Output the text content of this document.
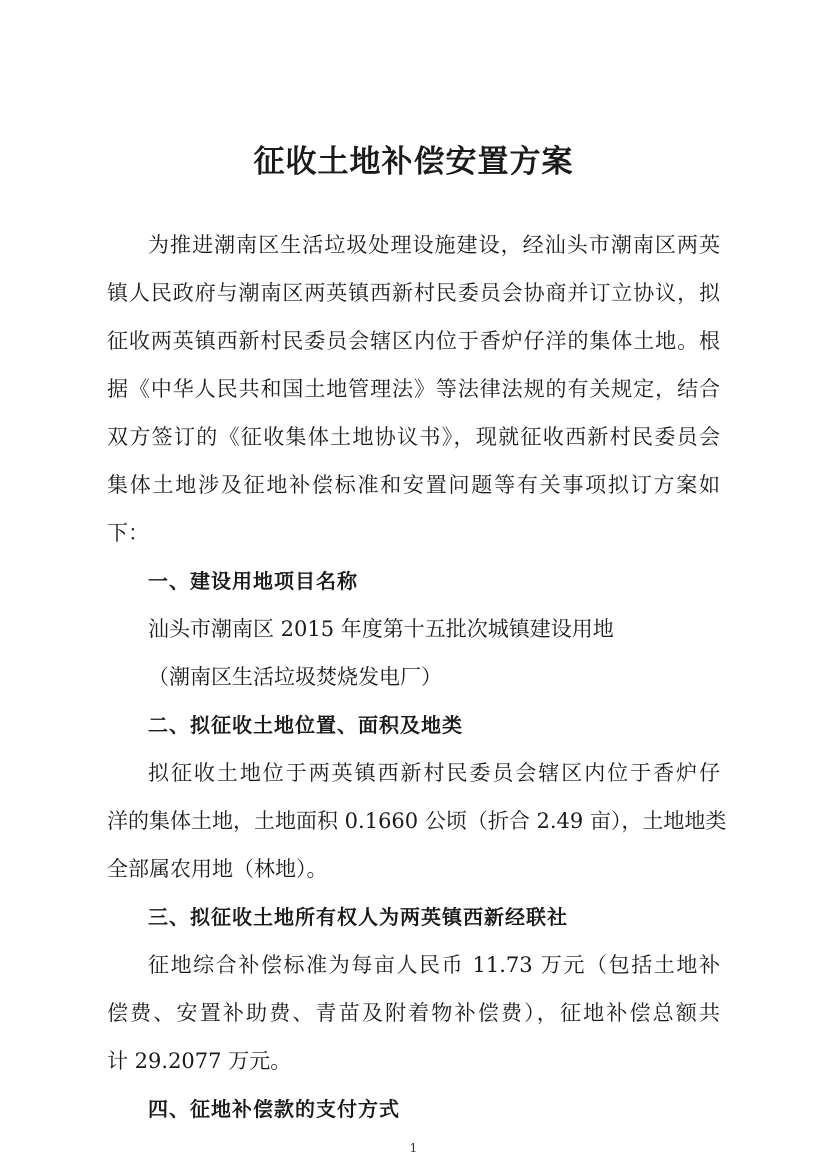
征收土地补偿安置方案
为推进潮南区生活垃圾处理设施建设，经汕头市潮南区两英
镇人民政府与潮南区两英镇西新村民委员会协商并订立协议，拟
征收两英镇西新村民委员会辖区内位于香炉仔洋的集体土地。根
据《中华人民共和国土地管理法》等法律法规的有关规定，结合
双方签订的《征收集体土地协议书》，现就征收西新村民委员会
集体土地涉及征地补偿标准和安置问题等有关事项拟订方案如
下：
一、建设用地项目名称
汕头市潮南区 2015 年度第十五批次城镇建设用地
（潮南区生活垃圾焚烧发电厂）
二、拟征收土地位置、面积及地类
拟征收土地位于两英镇西新村民委员会辖区内位于香炉仔
洋的集体土地，土地面积 0.1660 公顷（折合 2.49 亩），土地地类
全部属农用地（林地）。
三、拟征收土地所有权人为两英镇西新经联社
征地综合补偿标准为每亩人民币 11.73 万元（包括土地补
偿费、安置补助费、青苗及附着物补偿费），征地补偿总额共
计 29.2077 万元。
四、征地补偿款的支付方式
1
